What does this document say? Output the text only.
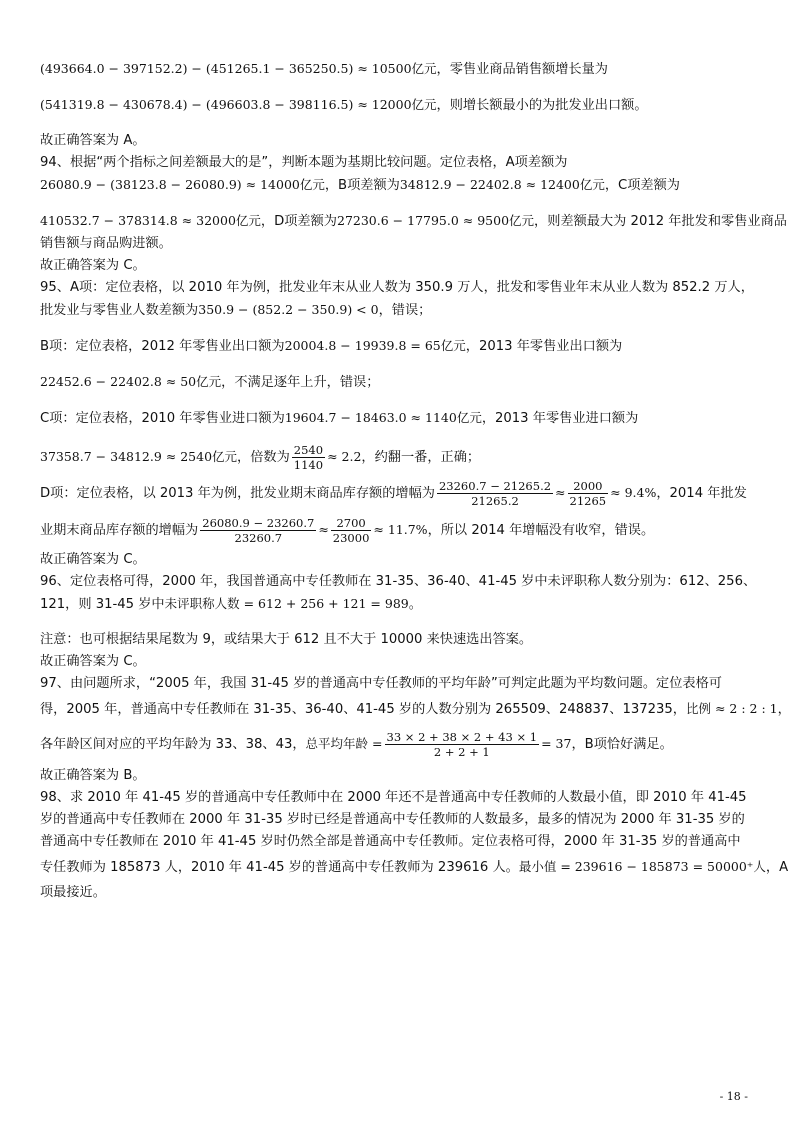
(493664.0 − 397152.2) − (451265.1 − 365250.5) ≈ 10500亿元，零售业商品销售额增长量为

(541319.8 − 430678.4) − (496603.8 − 398116.5) ≈ 12000亿元，则增长额最小的为批发业出口额。

故正确答案为 A。

94、根据“两个指标之间差额最大的是”，判断本题为基期比较问题。定位表格，A项差额为

26080.9 − (38123.8 − 26080.9) ≈ 14000亿元，B项差额为34812.9 − 22402.8 ≈ 12400亿元，C项差额为

410532.7 − 378314.8 ≈ 32000亿元，D项差额为27230.6 − 17795.0 ≈ 9500亿元，则差额最大为 2012 年批发和零售业商品

销售额与商品购进额。

故正确答案为 C。

95、A项：定位表格，以 2010 年为例，批发业年末从业人数为 350.9 万人，批发和零售业年末从业人数为 852.2 万人，

批发业与零售业人数差额为350.9 − (852.2 − 350.9) < 0，错误；

B项：定位表格，2012 年零售业出口额为20004.8 − 19939.8 = 65亿元，2013 年零售业出口额为

22452.6 − 22402.8 ≈ 50亿元，不满足逐年上升，错误；

C项：定位表格，2010 年零售业进口额为19604.7 − 18463.0 ≈ 1140亿元，2013 年零售业进口额为

37358.7 − 34812.9 ≈ 2540亿元，倍数为 $\frac{2540}{1140} \approx 2.2$，约翻一番，正确；

D项：定位表格，以 2013 年为例，批发业期末商品库存额的增幅为 $\frac{23260.7 - 21265.2}{21265.2} \approx \frac{2000}{21265} \approx 9.4\%$，2014 年批发

业期末商品库存额的增幅为 $\frac{26080.9 - 23260.7}{23260.7} \approx \frac{2700}{23000} \approx 11.7\%$，所以 2014 年增幅没有收窄，错误。

故正确答案为 C。

96、定位表格可得，2000 年，我国普通高中专任教师在 31-35、36-40、41-45 岁中未评职称人数分别为：612、256、

121，则 31-45 岁中未评职称人数 = 612 + 256 + 121 = 989。

注意：也可根据结果尾数为 9，或结果大于 612 且不大于 10000 来快速选出答案。

故正确答案为 C。

97、由问题所求，“2005 年，我国 31-45 岁的普通高中专任教师的平均年龄”可判定此题为平均数问题。定位表格可

得，2005 年，普通高中专任教师在 31-35、36-40、41-45 岁的人数分别为 265509、248837、137235，比例 ≈ 2 : 2 : 1，

各年龄区间对应的平均年龄为 33、38、43，总平均年龄 = $\frac{33 \times 2 + 38 \times 2 + 43 \times 1}{2 + 2 + 1} = 37$，B项恰好满足。

故正确答案为 B。

98、求 2010 年 41-45 岁的普通高中专任教师中在 2000 年还不是普通高中专任教师的人数最小值，即 2010 年 41-45

岁的普通高中专任教师在 2000 年 31-35 岁时已经是普通高中专任教师的人数最多，最多的情况为 2000 年 31-35 岁的

普通高中专任教师在 2010 年 41-45 岁时仍然全部是普通高中专任教师。定位表格可得，2000 年 31-35 岁的普通高中

专任教师为 185873 人，2010 年 41-45 岁的普通高中专任教师为 239616 人。最小值 = 239616 − 185873 = 50000⁺人，A

项最接近。

- 18 -
